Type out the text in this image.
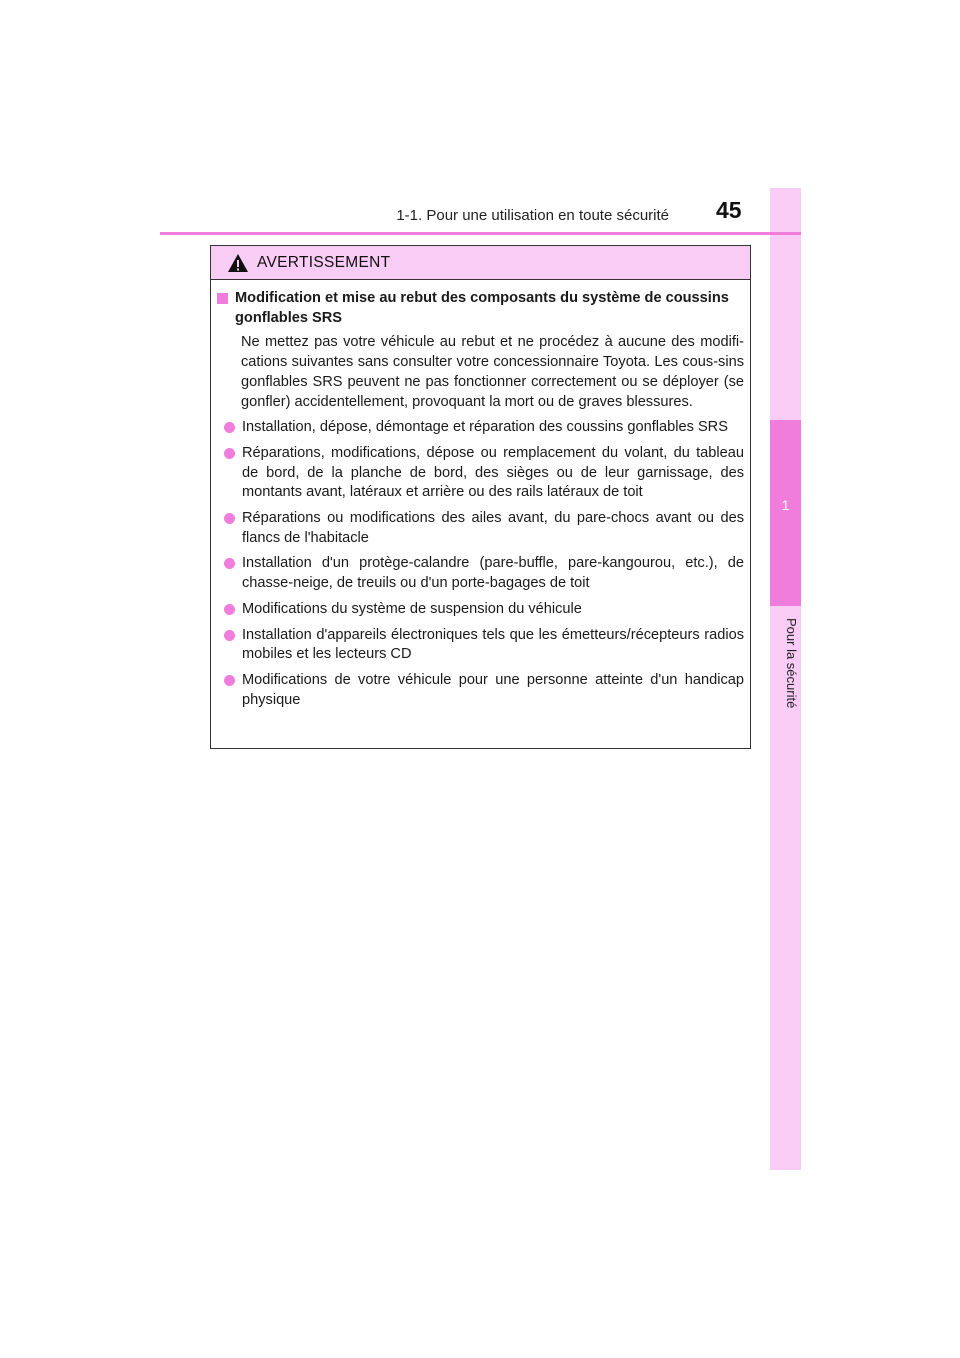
1
Pour la sécurité
1-1. Pour une utilisation en toute sécurité 45
AVERTISSEMENT
Modification et mise au rebut des composants du système de coussins gonflables SRS
Ne mettez pas votre véhicule au rebut et ne procédez à aucune des modifi-cations suivantes sans consulter votre concessionnaire Toyota. Les cous-sins gonflables SRS peuvent ne pas fonctionner correctement ou se déployer (se gonfler) accidentellement, provoquant la mort ou de graves blessures.
Installation, dépose, démontage et réparation des coussins gonflables SRS
Réparations, modifications, dépose ou remplacement du volant, du tableau de bord, de la planche de bord, des sièges ou de leur garnissage, des montants avant, latéraux et arrière ou des rails latéraux de toit
Réparations ou modifications des ailes avant, du pare-chocs avant ou des flancs de l'habitacle
Installation d'un protège-calandre (pare-buffle, pare-kangourou, etc.), de chasse-neige, de treuils ou d'un porte-bagages de toit
Modifications du système de suspension du véhicule
Installation d'appareils électroniques tels que les émetteurs/récepteurs radios mobiles et les lecteurs CD
Modifications de votre véhicule pour une personne atteinte d'un handicap physique
